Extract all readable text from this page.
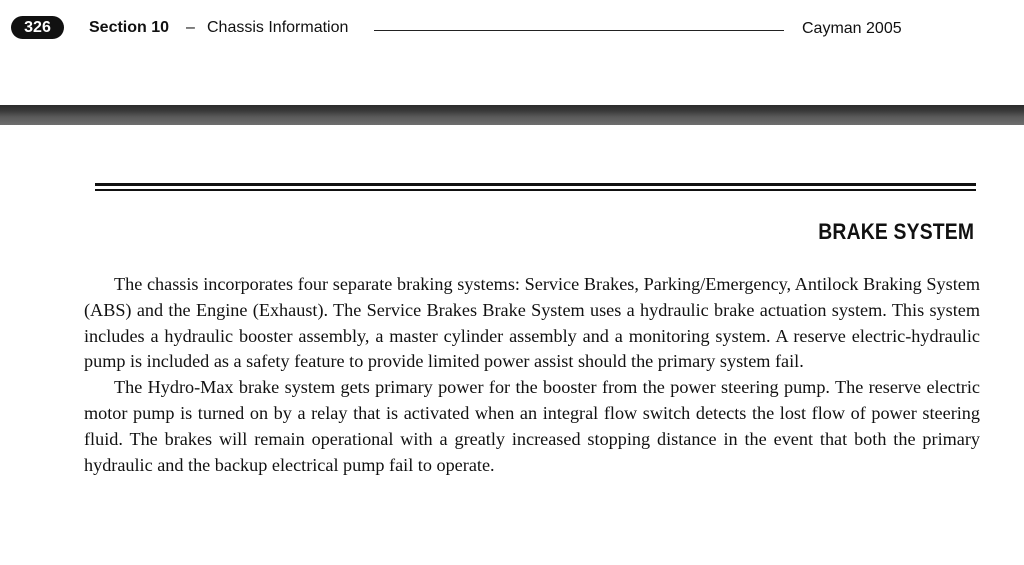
326	Section 10 – Chassis Information	Cayman 2005
BRAKE SYSTEM

The chassis incorporates four separate braking systems: Service Brakes, Parking/Emergency, Antilock Braking System (ABS) and the Engine (Exhaust). The Service Brakes Brake System uses a hydraulic brake actuation system. This system includes a hydraulic booster assembly, a master cylinder assembly and a monitoring system. A reserve electric-hydraulic pump is included as a safety feature to provide limited power assist should the primary system fail.

The Hydro-Max brake system gets primary power for the booster from the power steering pump. The reserve electric motor pump is turned on by a relay that is activated when an integral flow switch detects the lost flow of power steering fluid. The brakes will remain operational with a greatly increased stopping distance in the event that both the primary hydraulic and the backup electrical pump fail to operate.
